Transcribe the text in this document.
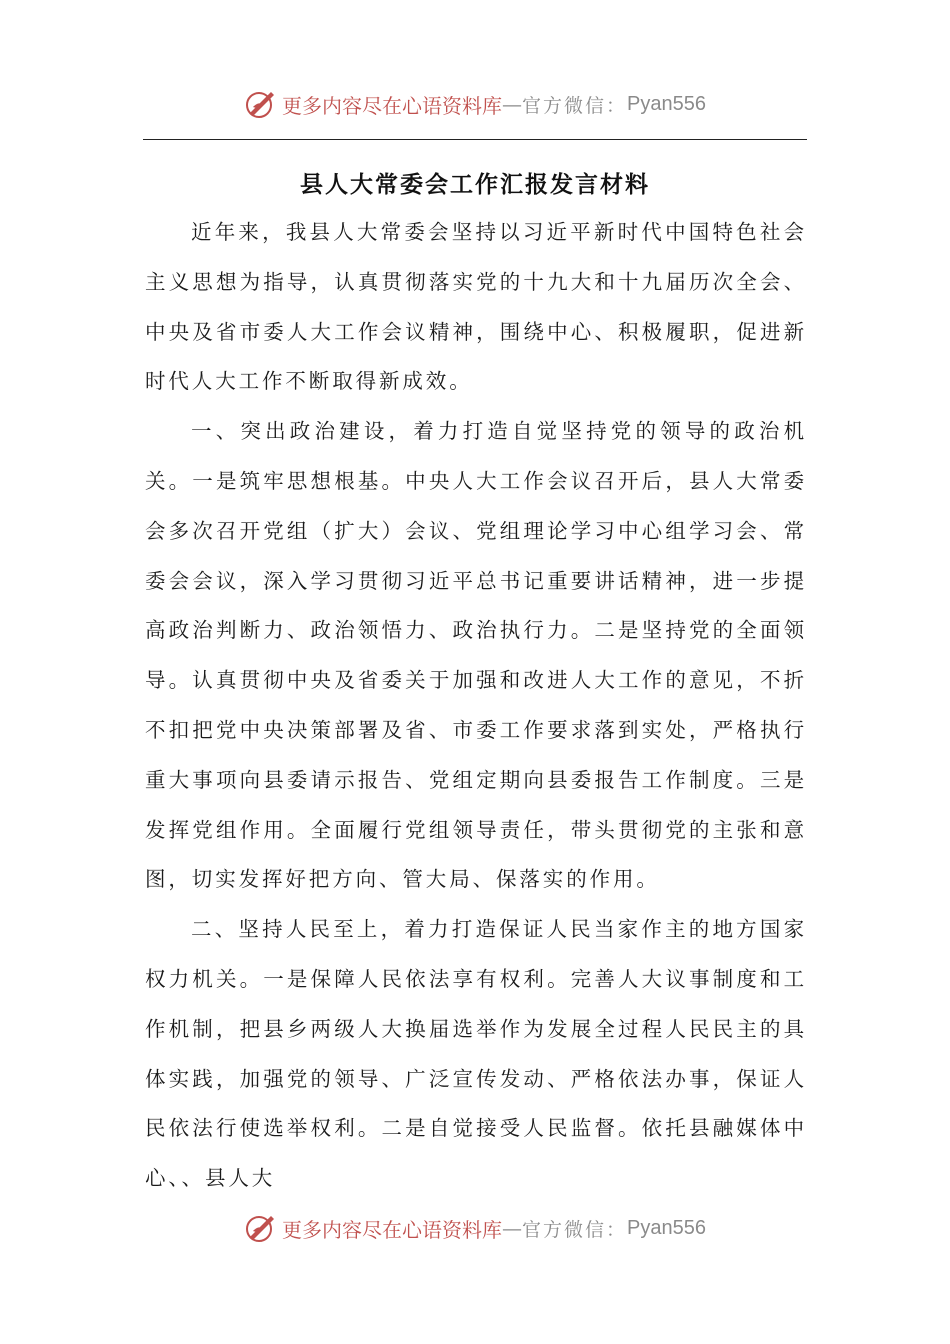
更多内容尽在心语资料库 — 官方微信： Pyan556
县人大常委会工作汇报发言材料

近年来，我县人大常委会坚持以习近平新时代中国特色社会主义思想为指导，认真贯彻落实党的十九大和十九届历次全会、中央及省市委人大工作会议精神，围绕中心、积极履职，促进新时代人大工作不断取得新成效。

一、突出政治建设，着力打造自觉坚持党的领导的政治机关。一是筑牢思想根基。中央人大工作会议召开后，县人大常委会多次召开党组（扩大）会议、党组理论学习中心组学习会、常委会会议，深入学习贯彻习近平总书记重要讲话精神，进一步提高政治判断力、政治领悟力、政治执行力。二是坚持党的全面领导。认真贯彻中央及省委关于加强和改进人大工作的意见，不折不扣把党中央决策部署及省、市委工作要求落到实处，严格执行重大事项向县委请示报告、党组定期向县委报告工作制度。三是发挥党组作用。全面履行党组领导责任，带头贯彻党的主张和意图，切实发挥好把方向、管大局、保落实的作用。

二、坚持人民至上，着力打造保证人民当家作主的地方国家权力机关。一是保障人民依法享有权利。完善人大议事制度和工作机制，把县乡两级人大换届选举作为发展全过程人民民主的具体实践，加强党的领导、广泛宣传发动、严格依法办事，保证人民依法行使选举权利。二是自觉接受人民监督。依托县融媒体中心、、县人大

更多内容尽在心语资料库 — 官方微信： Pyan556
